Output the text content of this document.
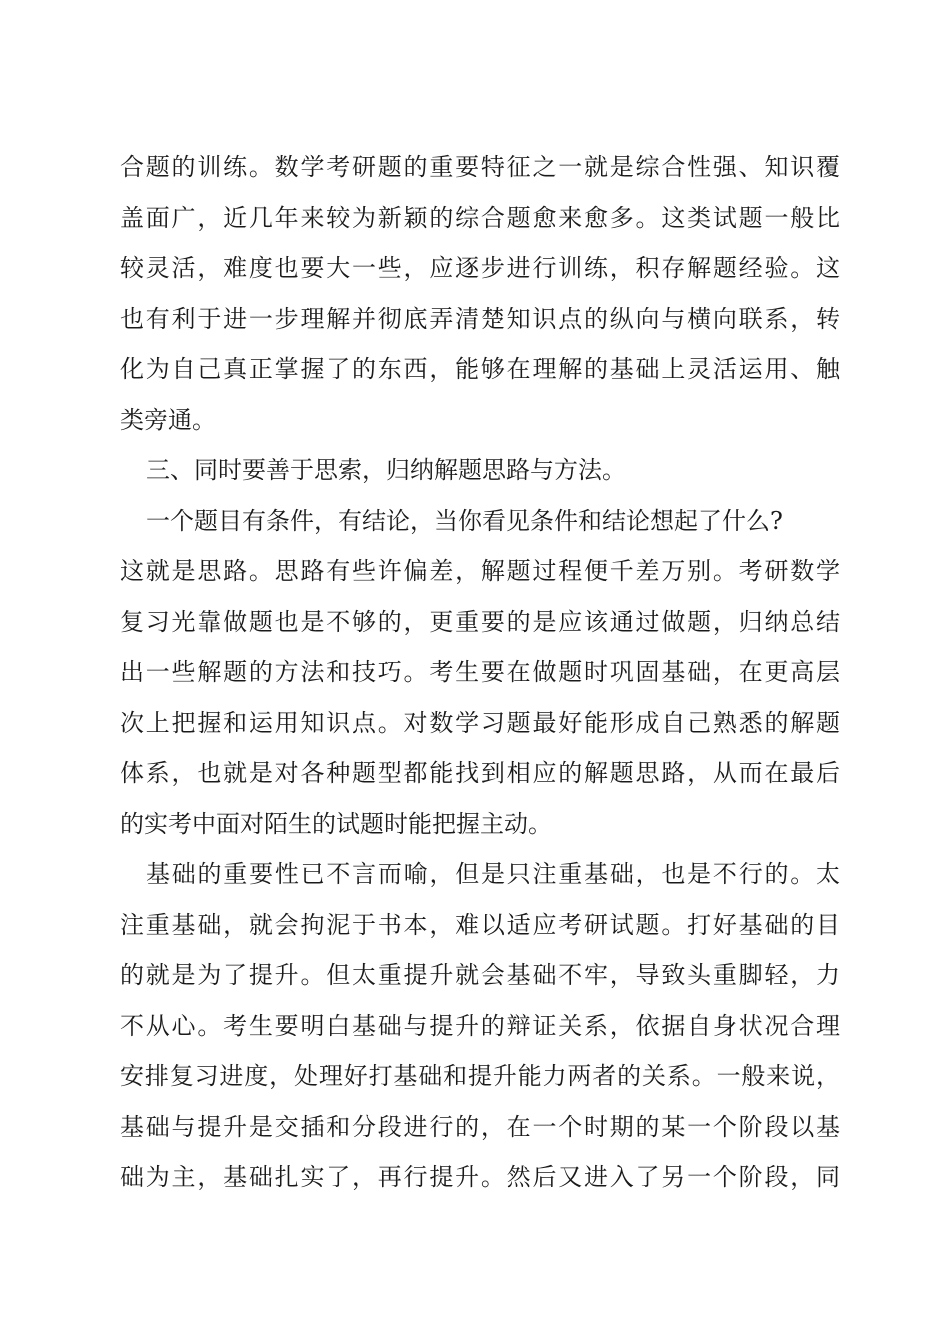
合题的训练。数学考研题的重要特征之一就是综合性强、知识覆
盖面广，近几年来较为新颖的综合题愈来愈多。这类试题一般比
较灵活，难度也要大一些，应逐步进行训练，积存解题经验。这
也有利于进一步理解并彻底弄清楚知识点的纵向与横向联系，转
化为自己真正掌握了的东西，能够在理解的基础上灵活运用、触
类旁通。
三、同时要善于思索，归纳解题思路与方法。
一个题目有条件，有结论，当你看见条件和结论想起了什么?
这就是思路。思路有些许偏差，解题过程便千差万别。考研数学
复习光靠做题也是不够的，更重要的是应该通过做题，归纳总结
出一些解题的方法和技巧。考生要在做题时巩固基础，在更高层
次上把握和运用知识点。对数学习题最好能形成自己熟悉的解题
体系，也就是对各种题型都能找到相应的解题思路，从而在最后
的实考中面对陌生的试题时能把握主动。
基础的重要性已不言而喻，但是只注重基础，也是不行的。太
注重基础，就会拘泥于书本，难以适应考研试题。打好基础的目
的就是为了提升。但太重提升就会基础不牢，导致头重脚轻，力
不从心。考生要明白基础与提升的辩证关系，依据自身状况合理
安排复习进度，处理好打基础和提升能力两者的关系。一般来说，
基础与提升是交插和分段进行的，在一个时期的某一个阶段以基
础为主，基础扎实了，再行提升。然后又进入了另一个阶段，同
